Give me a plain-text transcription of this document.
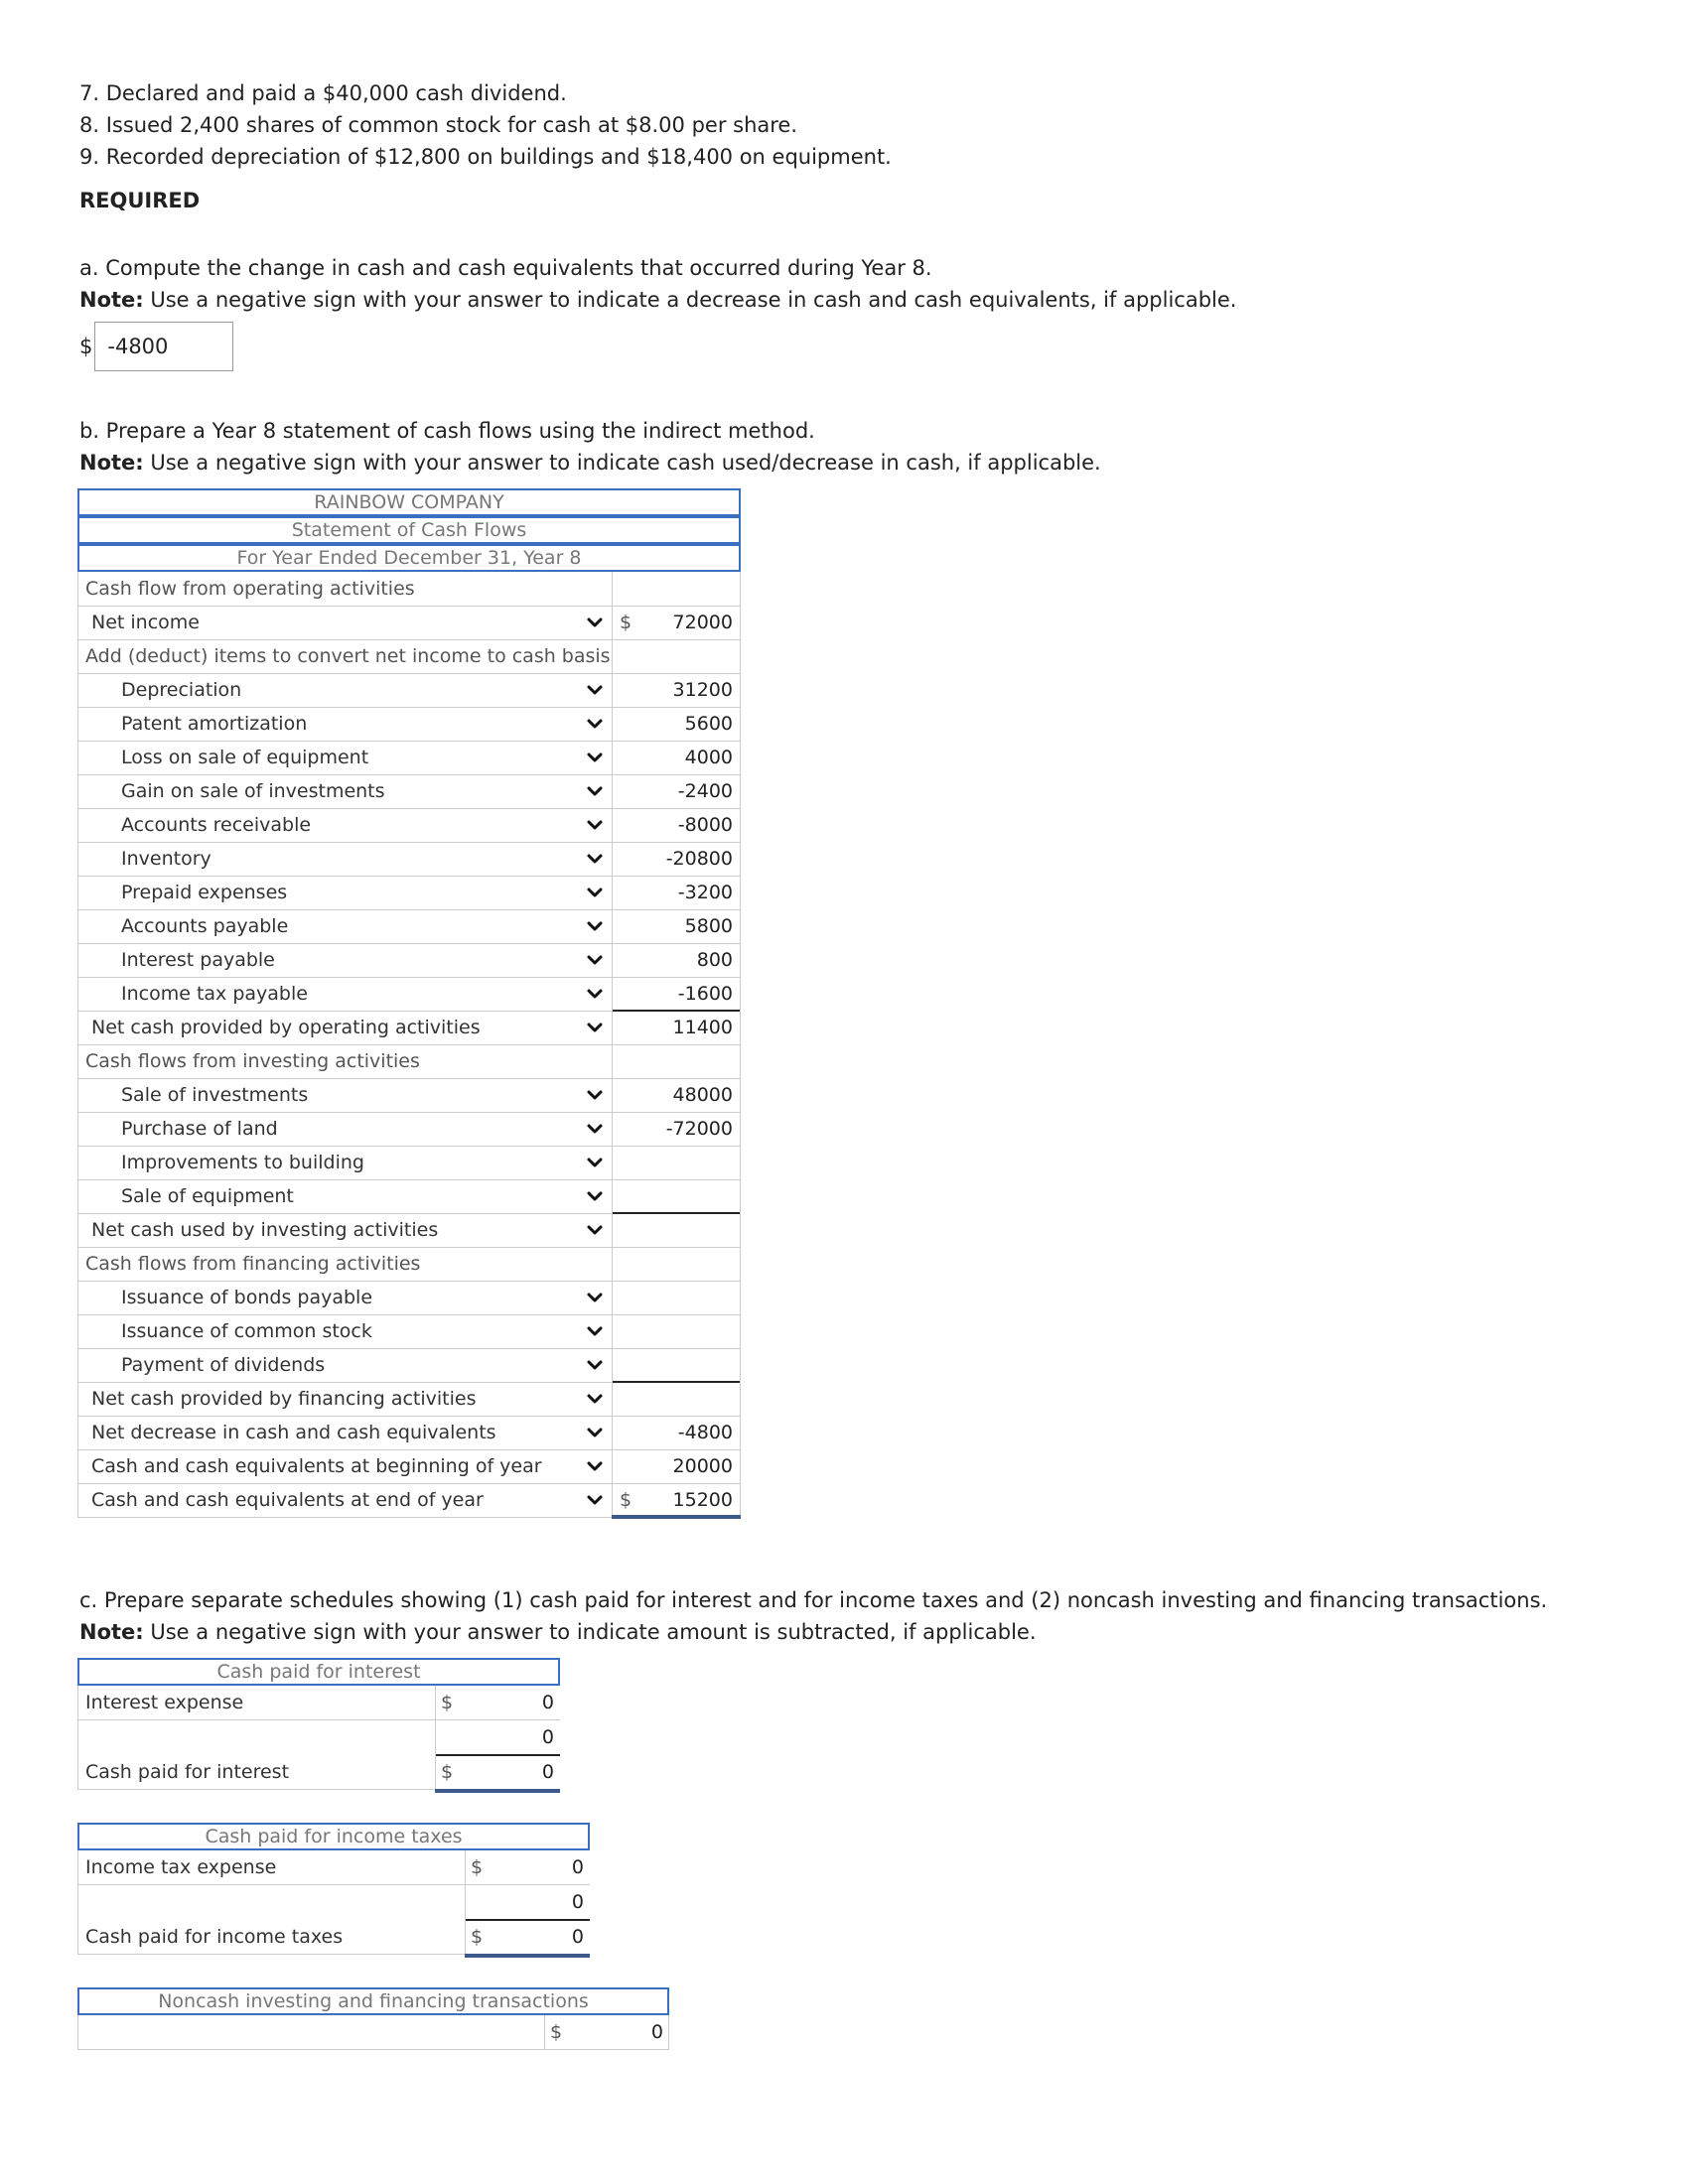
7. Declared and paid a $40,000 cash dividend.

8. Issued 2,400 shares of common stock for cash at $8.00 per share.

9. Recorded depreciation of $12,800 on buildings and $18,400 on equipment.

REQUIRED

a. Compute the change in cash and cash equivalents that occurred during Year 8.

Note: Use a negative sign with your answer to indicate a decrease in cash and cash equivalents, if applicable.

$ -4800

b. Prepare a Year 8 statement of cash flows using the indirect method.

Note: Use a negative sign with your answer to indicate cash used/decrease in cash, if applicable.

RAINBOW COMPANY
Statement of Cash Flows
For Year Ended December 31, Year 8
Cash flow from operating activities
Net income	$ 72000
Add (deduct) items to convert net income to cash basis
Depreciation	31200
Patent amortization	5600
Loss on sale of equipment	4000
Gain on sale of investments	-2400
Accounts receivable	-8000
Inventory	-20800
Prepaid expenses	-3200
Accounts payable	5800
Interest payable	800
Income tax payable	-1600
Net cash provided by operating activities	11400
Cash flows from investing activities
Sale of investments	48000
Purchase of land	-72000
Improvements to building
Sale of equipment
Net cash used by investing activities
Cash flows from financing activities
Issuance of bonds payable
Issuance of common stock
Payment of dividends
Net cash provided by financing activities
Net decrease in cash and cash equivalents	-4800
Cash and cash equivalents at beginning of year	20000
Cash and cash equivalents at end of year	$ 15200

c. Prepare separate schedules showing (1) cash paid for interest and for income taxes and (2) noncash investing and financing transactions.

Note: Use a negative sign with your answer to indicate amount is subtracted, if applicable.

Cash paid for interest
Interest expense	$	0
0
Cash paid for interest	$	0
Cash paid for income taxes
Income tax expense	$	0
0
Cash paid for income taxes	$	0
Noncash investing and financing transactions
$	0
